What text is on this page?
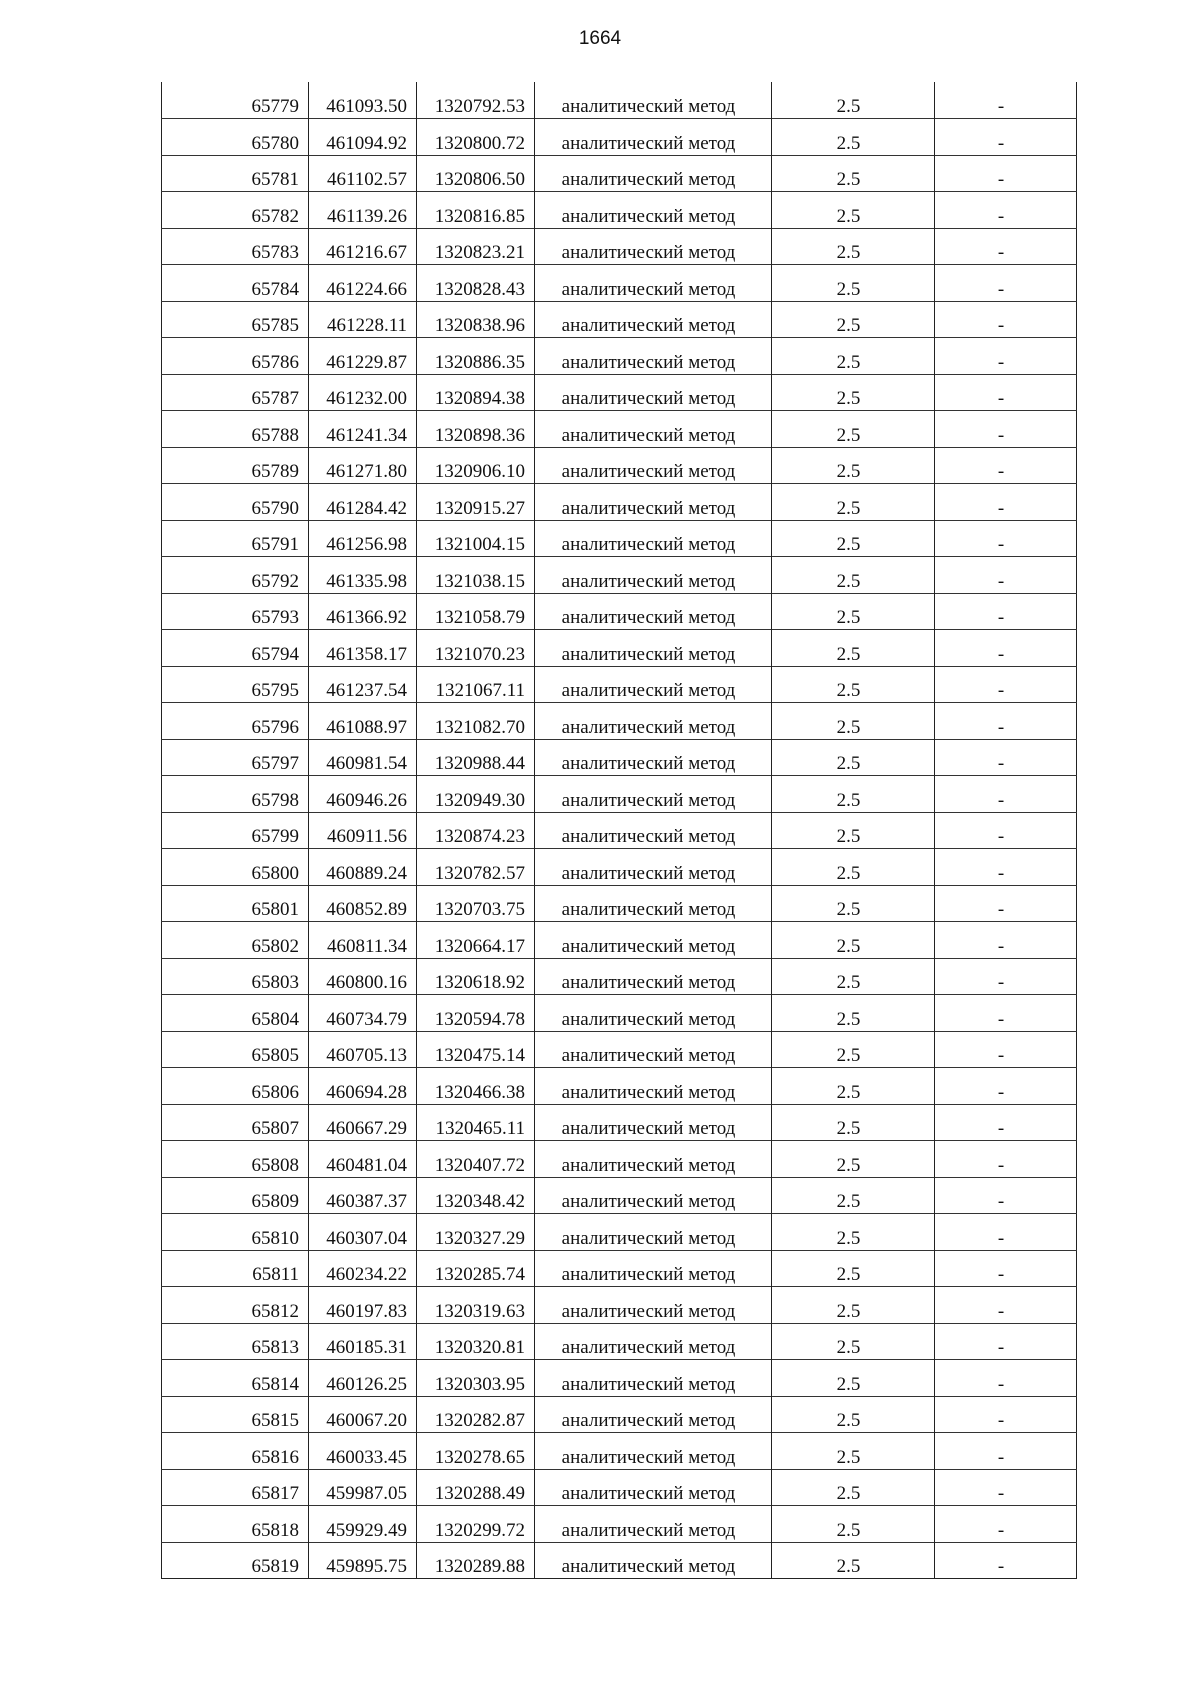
1664
65779	461093.50	1320792.53	аналитический метод	2.5	-
65780	461094.92	1320800.72	аналитический метод	2.5	-
65781	461102.57	1320806.50	аналитический метод	2.5	-
65782	461139.26	1320816.85	аналитический метод	2.5	-
65783	461216.67	1320823.21	аналитический метод	2.5	-
65784	461224.66	1320828.43	аналитический метод	2.5	-
65785	461228.11	1320838.96	аналитический метод	2.5	-
65786	461229.87	1320886.35	аналитический метод	2.5	-
65787	461232.00	1320894.38	аналитический метод	2.5	-
65788	461241.34	1320898.36	аналитический метод	2.5	-
65789	461271.80	1320906.10	аналитический метод	2.5	-
65790	461284.42	1320915.27	аналитический метод	2.5	-
65791	461256.98	1321004.15	аналитический метод	2.5	-
65792	461335.98	1321038.15	аналитический метод	2.5	-
65793	461366.92	1321058.79	аналитический метод	2.5	-
65794	461358.17	1321070.23	аналитический метод	2.5	-
65795	461237.54	1321067.11	аналитический метод	2.5	-
65796	461088.97	1321082.70	аналитический метод	2.5	-
65797	460981.54	1320988.44	аналитический метод	2.5	-
65798	460946.26	1320949.30	аналитический метод	2.5	-
65799	460911.56	1320874.23	аналитический метод	2.5	-
65800	460889.24	1320782.57	аналитический метод	2.5	-
65801	460852.89	1320703.75	аналитический метод	2.5	-
65802	460811.34	1320664.17	аналитический метод	2.5	-
65803	460800.16	1320618.92	аналитический метод	2.5	-
65804	460734.79	1320594.78	аналитический метод	2.5	-
65805	460705.13	1320475.14	аналитический метод	2.5	-
65806	460694.28	1320466.38	аналитический метод	2.5	-
65807	460667.29	1320465.11	аналитический метод	2.5	-
65808	460481.04	1320407.72	аналитический метод	2.5	-
65809	460387.37	1320348.42	аналитический метод	2.5	-
65810	460307.04	1320327.29	аналитический метод	2.5	-
65811	460234.22	1320285.74	аналитический метод	2.5	-
65812	460197.83	1320319.63	аналитический метод	2.5	-
65813	460185.31	1320320.81	аналитический метод	2.5	-
65814	460126.25	1320303.95	аналитический метод	2.5	-
65815	460067.20	1320282.87	аналитический метод	2.5	-
65816	460033.45	1320278.65	аналитический метод	2.5	-
65817	459987.05	1320288.49	аналитический метод	2.5	-
65818	459929.49	1320299.72	аналитический метод	2.5	-
65819	459895.75	1320289.88	аналитический метод	2.5	-
